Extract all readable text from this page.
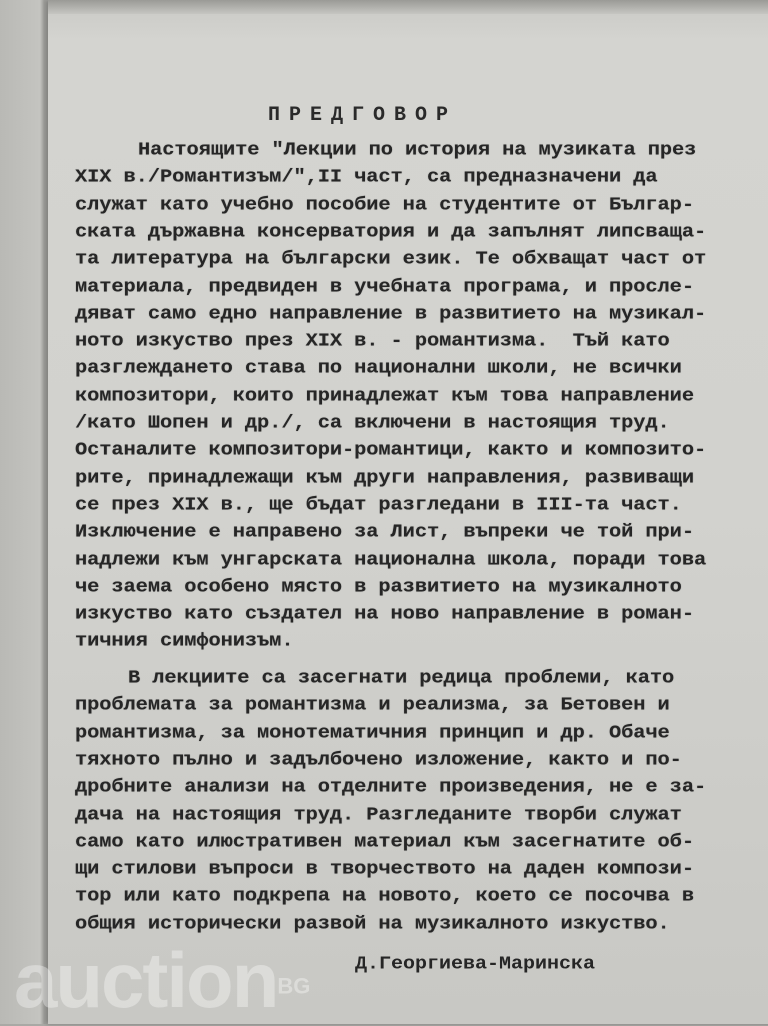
ПРЕДГОВОР
Настоящите "Лекции по история на музиката през
XIX в./Романтизъм/",II част, са предназначени да
служат като учебно пособие на студентите от Българ-
ската държавна консерватория и да запълнят липсваща-
та литература на български език. Те обхващат част от
материала, предвиден в учебната програма, и просле-
дяват само едно направление в развитието на музикал-
ното изкуство през XIX в. - романтизма.  Тъй като
разглеждането става по национални школи, не всички
композитори, които принадлежат към това направление
/като Шопен и др./, са включени в настоящия труд.
Останалите композитори-романтици, както и композито-
рите, принадлежащи към други направления, развиващи
се през XIX в., ще бъдат разгледани в III-та част.
Изключение е направено за Лист, въпреки че той при-
надлежи към унгарската национална школа, поради това
че заема особено място в развитието на музикалното
изкуство като създател на ново направление в роман-
тичния симфонизъм.
В лекциите са засегнати редица проблеми, като
проблемата за романтизма и реализма, за Бетовен и
романтизма, за монотематичния принцип и др. Обаче
тяхното пълно и задълбочено изложение, както и по-
дробните анализи на отделните произведения, не е за-
дача на настоящия труд. Разгледаните творби служат
само като илюстративен материал към засегнатите об-
щи стилови въпроси в творчеството на даден компози-
тор или като подкрепа на новото, което се посочва в
общия исторически развой на музикалното изкуство.
Д.Георгиева-Маринска
auctionBG
